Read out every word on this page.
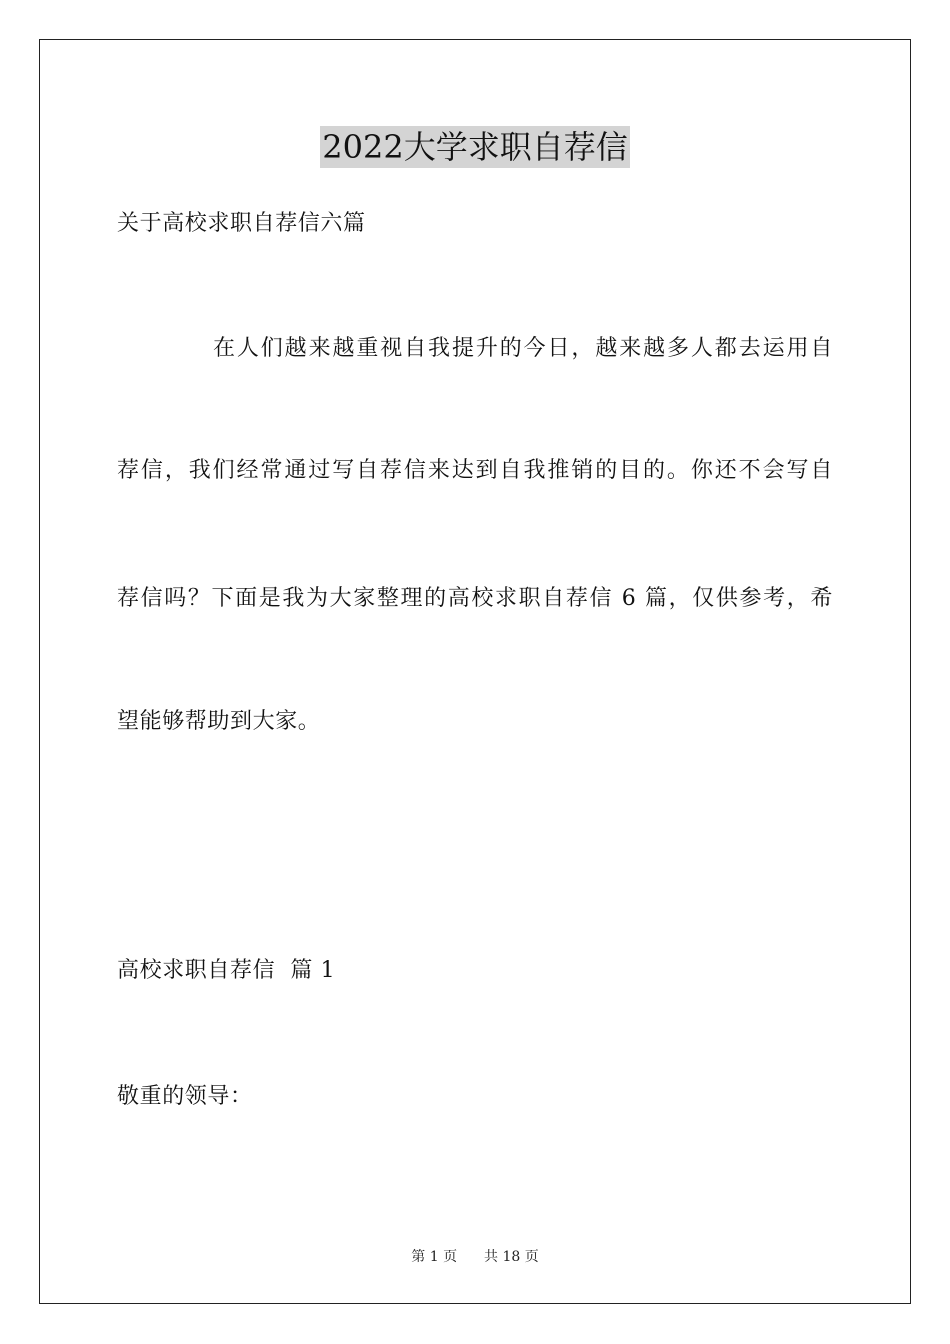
2022大学求职自荐信
关于高校求职自荐信六篇
在人们越来越重视自我提升的今日，越来越多人都去运用自
荐信，我们经常通过写自荐信来达到自我推销的目的。你还不会写自
荐信吗？下面是我为大家整理的高校求职自荐信 6 篇，仅供参考，希
望能够帮助到大家。
高校求职自荐信  篇 1
敬重的领导：
第 1 页 共 18 页
